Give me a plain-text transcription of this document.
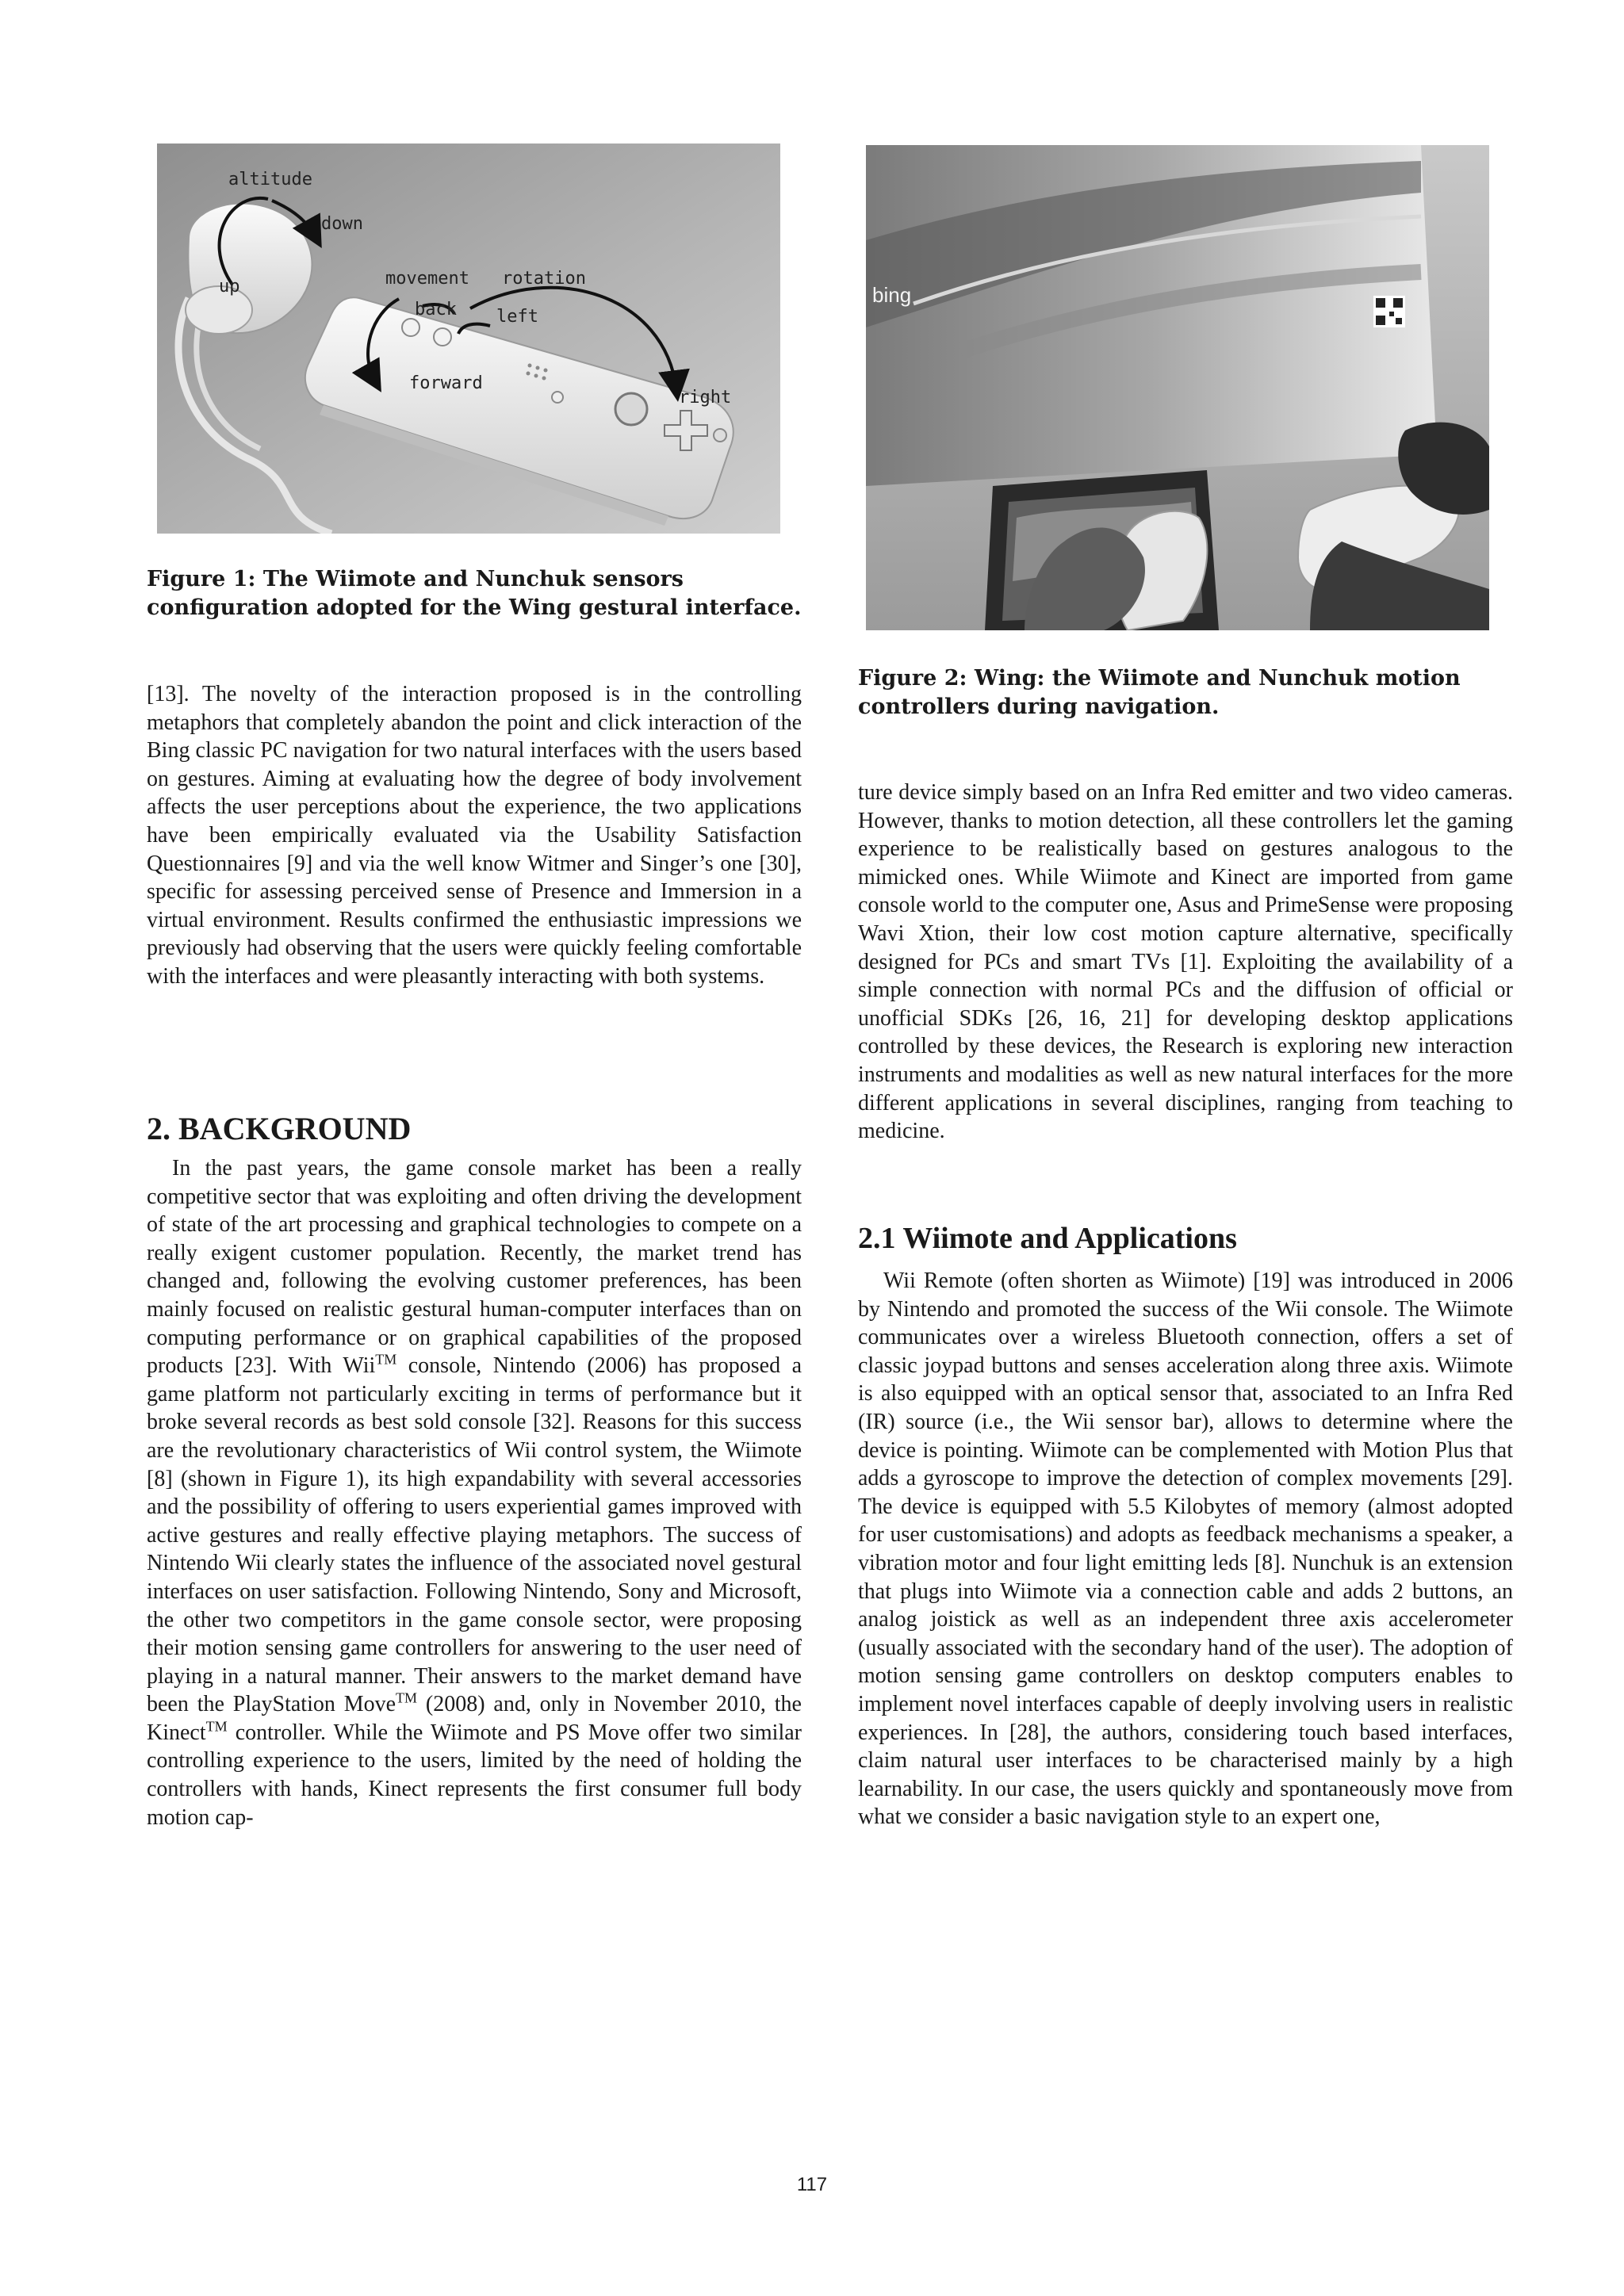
altitude
down
up	movement rotation
back left
forward
right

Figure 1: The Wiimote and Nunchuk sensors configuration adopted for the Wing gestural interface.

bing

Figure 2: Wing: the Wiimote and Nunchuk motion controllers during navigation.

[13]. The novelty of the interaction proposed is in the controlling metaphors that completely abandon the point and click interaction of the Bing classic PC navigation for two natural interfaces with the users based on gestures. Aiming at evaluating how the degree of body involvement affects the user perceptions about the experience, the two applications have been empirically evaluated via the Usability Satisfaction Questionnaires [9] and via the well know Witmer and Singer’s one [30], specific for assessing perceived sense of Presence and Immersion in a virtual environment. Results confirmed the enthusiastic impressions we previously had observing that the users were quickly feeling comfortable with the interfaces and were pleasantly interacting with both systems.

2. BACKGROUND

In the past years, the game console market has been a really competitive sector that was exploiting and often driving the development of state of the art processing and graphical technologies to compete on a really exigent customer population. Recently, the market trend has changed and, following the evolving customer preferences, has been mainly focused on realistic gestural human-computer interfaces than on computing performance or on graphical capabilities of the proposed products [23]. With Wii™ console, Nintendo (2006) has proposed a game platform not particularly exciting in terms of performance but it broke several records as best sold console [32]. Reasons for this success are the revolutionary characteristics of Wii control system, the Wiimote [8] (shown in Figure 1), its high expandability with several accessories and the possibility of offering to users experiential games improved with active gestures and really effective playing metaphors. The success of Nintendo Wii clearly states the influence of the associated novel gestural interfaces on user satisfaction. Following Nintendo, Sony and Microsoft, the other two competitors in the game console sector, were proposing their motion sensing game controllers for answering to the user need of playing in a natural manner. Their answers to the market demand have been the PlayStation Move™ (2008) and, only in November 2010, the Kinect™ controller. While the Wiimote and PS Move offer two similar controlling experience to the users, limited by the need of holding the controllers with hands, Kinect represents the first consumer full body motion cap-

ture device simply based on an Infra Red emitter and two video cameras. However, thanks to motion detection, all these controllers let the gaming experience to be realistically based on gestures analogous to the mimicked ones. While Wiimote and Kinect are imported from game console world to the computer one, Asus and PrimeSense were proposing Wavi Xtion, their low cost motion capture alternative, specifically designed for PCs and smart TVs [1]. Exploiting the availability of a simple connection with normal PCs and the diffusion of official or unofficial SDKs [26, 16, 21] for developing desktop applications controlled by these devices, the Research is exploring new interaction instruments and modalities as well as new natural interfaces for the more different applications in several disciplines, ranging from teaching to medicine.

2.1 Wiimote and Applications

Wii Remote (often shorten as Wiimote) [19] was introduced in 2006 by Nintendo and promoted the success of the Wii console. The Wiimote communicates over a wireless Bluetooth connection, offers a set of classic joypad buttons and senses acceleration along three axis. Wiimote is also equipped with an optical sensor that, associated to an Infra Red (IR) source (i.e., the Wii sensor bar), allows to determine where the device is pointing. Wiimote can be complemented with Motion Plus that adds a gyroscope to improve the detection of complex movements [29]. The device is equipped with 5.5 Kilobytes of memory (almost adopted for user customisations) and adopts as feedback mechanisms a speaker, a vibration motor and four light emitting leds [8]. Nunchuk is an extension that plugs into Wiimote via a connection cable and adds 2 buttons, an analog joistick as well as an independent three axis accelerometer (usually associated with the secondary hand of the user). The adoption of motion sensing game controllers on desktop computers enables to implement novel interfaces capable of deeply involving users in realistic experiences. In [28], the authors, considering touch based interfaces, claim natural user interfaces to be characterised mainly by a high learnability. In our case, the users quickly and spontaneously move from what we consider a basic navigation style to an expert one,

117
